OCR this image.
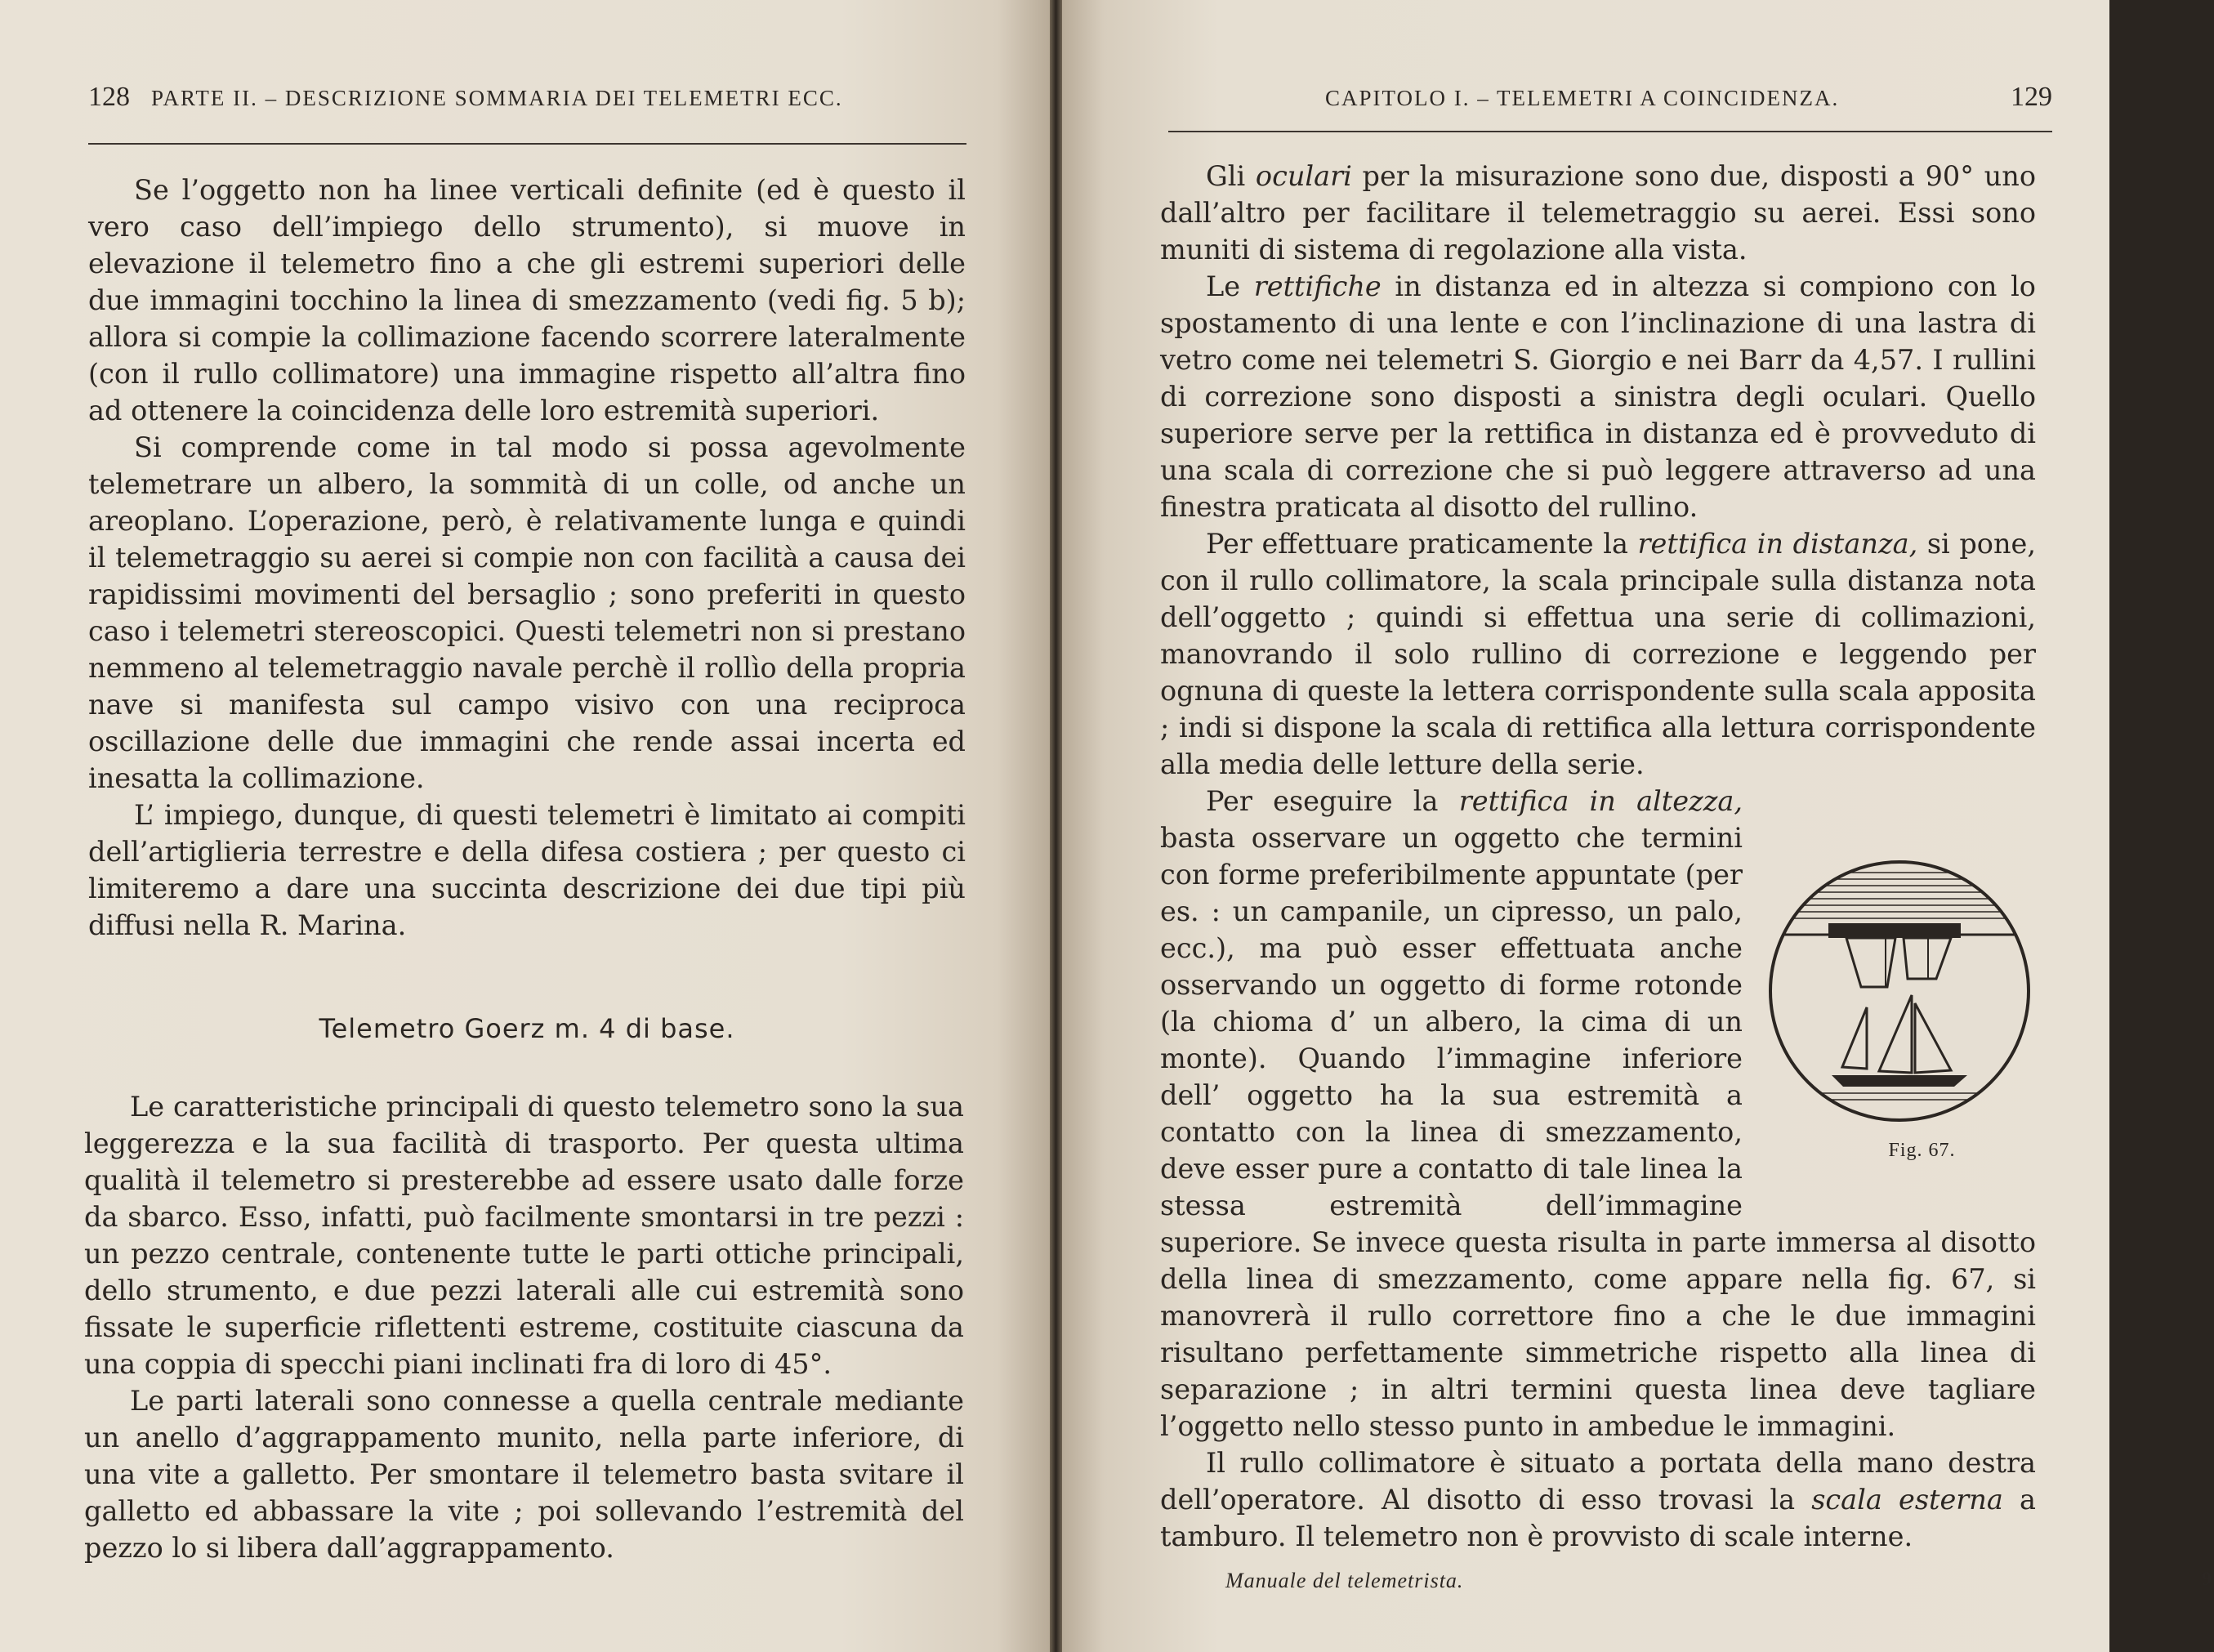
128 PARTE II. – DESCRIZIONE SOMMARIA DEI TELEMETRI ECC.

Se l’oggetto non ha linee verticali definite (ed è questo il vero caso dell’impiego dello strumento), si muove in elevazione il telemetro fino a che gli estremi superiori delle due immagini tocchino la linea di smezzamento (vedi fig. 5 b); allora si compie la collimazione facendo scorrere lateralmente (con il rullo collimatore) una immagine rispetto all’altra fino ad ottenere la coincidenza delle loro estremità superiori.

Si comprende come in tal modo si possa agevolmente telemetrare un albero, la sommità di un colle, od anche un areoplano. L’operazione, però, è relativamente lunga e quindi il telemetraggio su aerei si compie non con facilità a causa dei rapidissimi movimenti del bersaglio ; sono preferiti in questo caso i telemetri stereoscopici. Questi telemetri non si prestano nemmeno al telemetraggio navale perchè il rollìo della propria nave si manifesta sul campo visivo con una reciproca oscillazione delle due immagini che rende assai incerta ed inesatta la collimazione.

L’ impiego, dunque, di questi telemetri è limitato ai compiti dell’artiglieria terrestre e della difesa costiera ; per questo ci limiteremo a dare una succinta descrizione dei due tipi più diffusi nella R. Marina.

Telemetro Goerz m. 4 di base.

Le caratteristiche principali di questo telemetro sono la sua leggerezza e la sua facilità di trasporto. Per questa ultima qualità il telemetro si presterebbe ad essere usato dalle forze da sbarco. Esso, infatti, può facilmente smontarsi in tre pezzi : un pezzo centrale, contenente tutte le parti ottiche principali, dello strumento, e due pezzi laterali alle cui estremità sono fissate le superficie riflettenti estreme, costituite ciascuna da una coppia di specchi piani inclinati fra di loro di 45°.

Le parti laterali sono connesse a quella centrale mediante un anello d’aggrappamento munito, nella parte inferiore, di una vite a galletto. Per smontare il telemetro basta svitare il galletto ed abbassare la vite ; poi sollevando l’estremità del pezzo lo si libera dall’aggrappamento.

CAPITOLO I. – TELEMETRI A COINCIDENZA.	129

Gli oculari per la misurazione sono due, disposti a 90° uno dall’altro per facilitare il telemetraggio su aerei. Essi sono muniti di sistema di regolazione alla vista.

Le rettifiche in distanza ed in altezza si compiono con lo spostamento di una lente e con l’inclinazione di una lastra di vetro come nei telemetri S. Giorgio e nei Barr da 4,57. I rullini di correzione sono disposti a sinistra degli oculari. Quello superiore serve per la rettifica in distanza ed è provveduto di una scala di correzione che si può leggere attraverso ad una finestra praticata al disotto del rullino.

Per effettuare praticamente la rettifica in distanza, si pone, con il rullo collimatore, la scala principale sulla distanza nota dell’oggetto ; quindi si effettua una serie di collimazioni, manovrando il solo rullino di correzione e leggendo per ognuna di queste la lettera corrispondente sulla scala apposita ; indi si dispone la scala di rettifica alla lettura corrispondente alla media delle letture della serie.

Per eseguire la rettifica in altezza,
Fig. 67.
basta osservare un oggetto che termini con forme preferibilmente appuntate (per es. : un campanile, un cipresso, un palo, ecc.), ma può esser effettuata anche osservando un oggetto di forme rotonde (la chioma d’ un albero, la cima di un monte). Quando l’immagine inferiore dell’ oggetto ha la sua estremità a contatto con la linea di smezzamento, deve esser pure a contatto di tale linea la stessa estremità dell’immagine superiore. Se invece questa risulta in parte immersa al disotto della linea di smezzamento, come appare nella fig. 67, si manovrerà il rullo correttore fino a che le due immagini risultano perfettamente simmetriche rispetto alla linea di separazione ; in altri termini questa linea deve tagliare l’oggetto nello stesso punto in ambedue le immagini.

Il rullo collimatore è situato a portata della mano destra dell’operatore. Al disotto di esso trovasi la scala esterna a tamburo. Il telemetro non è provvisto di scale interne.

Manuale del telemetrista.	9
